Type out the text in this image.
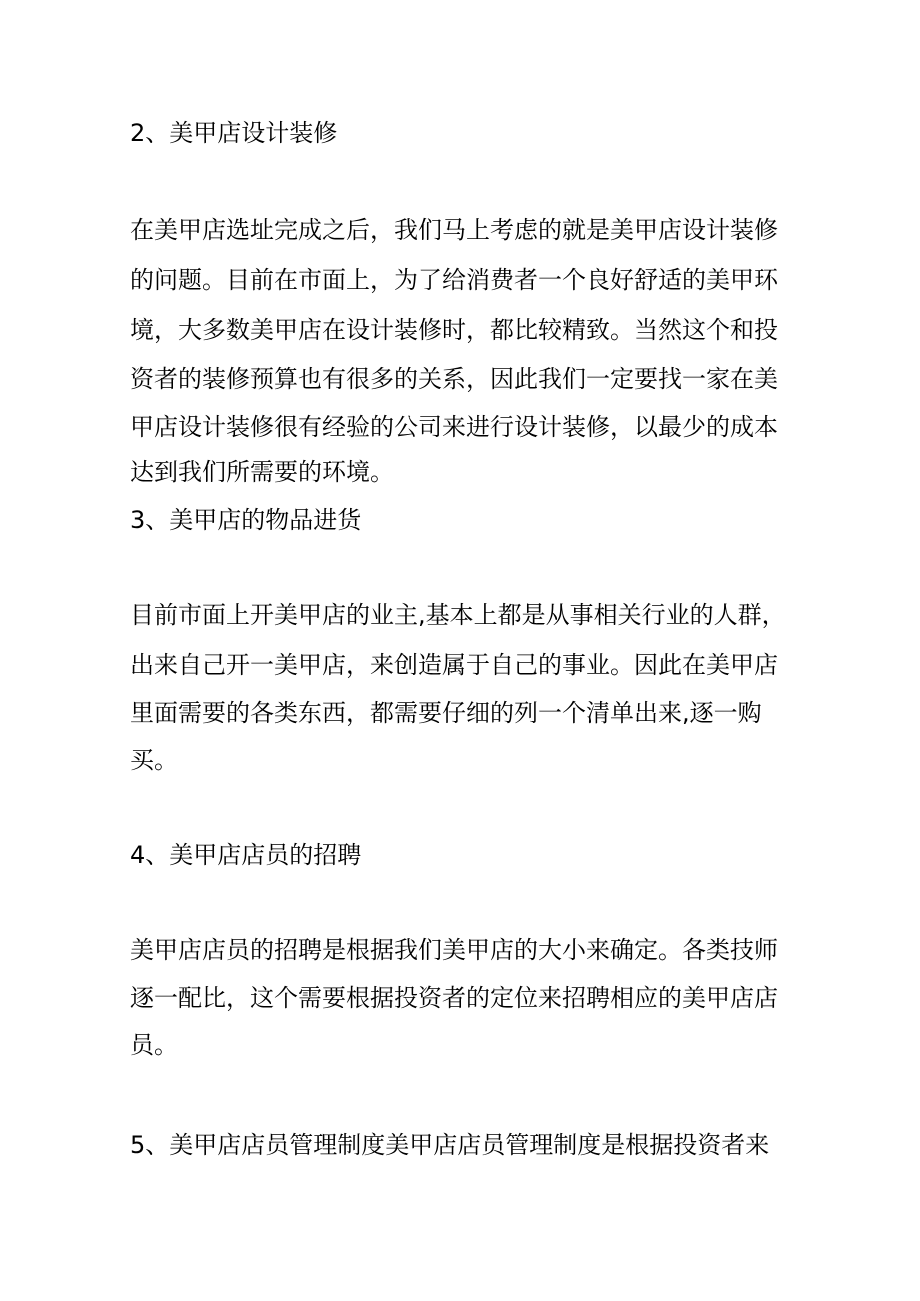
2、美甲店设计装修
在美甲店选址完成之后，我们马上考虑的就是美甲店设计装修
的问题。目前在市面上，为了给消费者一个良好舒适的美甲环
境，大多数美甲店在设计装修时，都比较精致。当然这个和投
资者的装修预算也有很多的关系，因此我们一定要找一家在美
甲店设计装修很有经验的公司来进行设计装修，以最少的成本
达到我们所需要的环境。
3、美甲店的物品进货
目前市面上开美甲店的业主,基本上都是从事相关行业的人群，
出来自己开一美甲店，来创造属于自己的事业。因此在美甲店
里面需要的各类东西，都需要仔细的列一个清单出来,逐一购
买。
4、美甲店店员的招聘
美甲店店员的招聘是根据我们美甲店的大小来确定。各类技师
逐一配比，这个需要根据投资者的定位来招聘相应的美甲店店
员。
5、美甲店店员管理制度美甲店店员管理制度是根据投资者来
